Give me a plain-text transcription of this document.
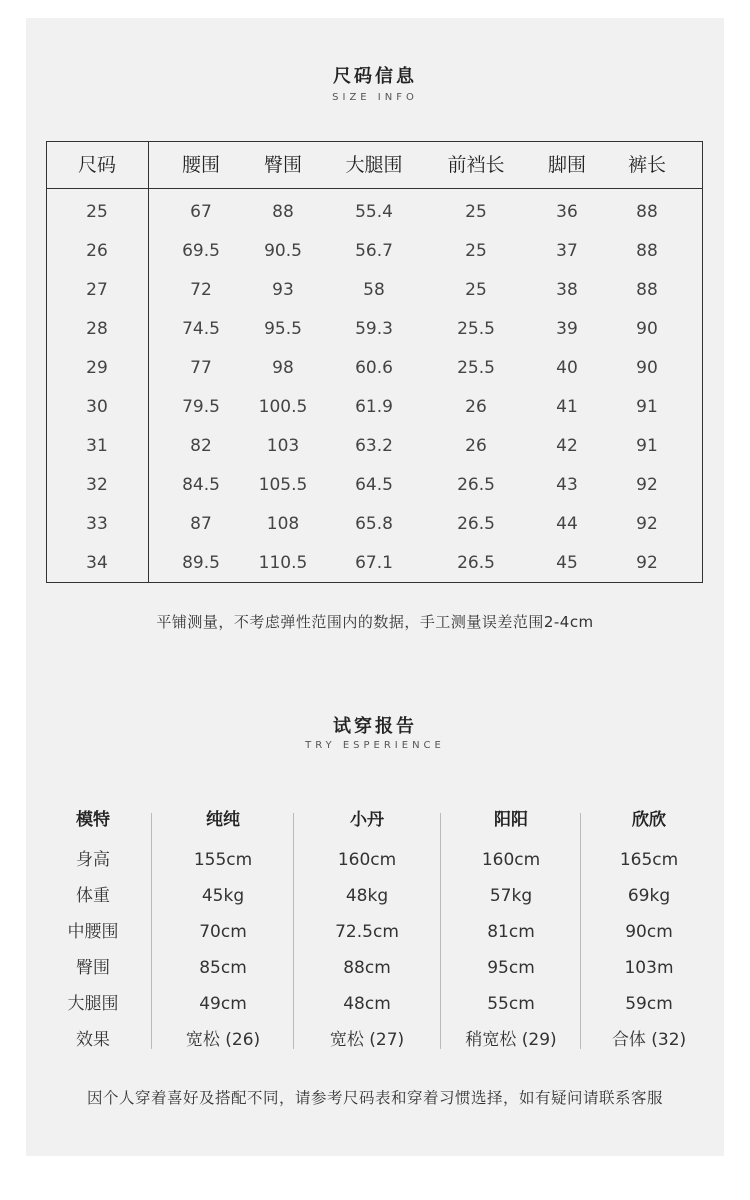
尺码信息
SIZE INFO
尺码	腰围 臀围 大腿围 前裆长 脚围 裤长
25	67	88	55.4	25	36	88
26	69.5	90.5	56.7	25	37	88
27	72	93	58	25	38	88
28	74.5	95.5	59.3	25.5	39	90
29	77	98	60.6	25.5	40	90
30	79.5 100.5	61.9	26	41	91
31	82	103	63.2	26	42	91
32	84.5 105.5	64.5	26.5	43	92
33	87	108	65.8	26.5	44	92
34	89.5 110.5	67.1	26.5	45	92
平铺测量，不考虑弹性范围内的数据，手工测量误差范围2-4cm
试穿报告
TRY ESPERIENCE
模特	纯纯	小丹	阳阳	欣欣
身高	155cm	160cm	160cm	165cm
体重	45kg	48kg	57kg	69kg
中腰围	70cm	72.5cm	81cm	90cm
臀围	85cm	88cm	95cm	103m
大腿围	49cm	48cm	55cm	59cm
效果	宽松 (26)	宽松 (27)	稍宽松 (29)	合体 (32)
因个人穿着喜好及搭配不同，请参考尺码表和穿着习惯选择，如有疑问请联系客服
